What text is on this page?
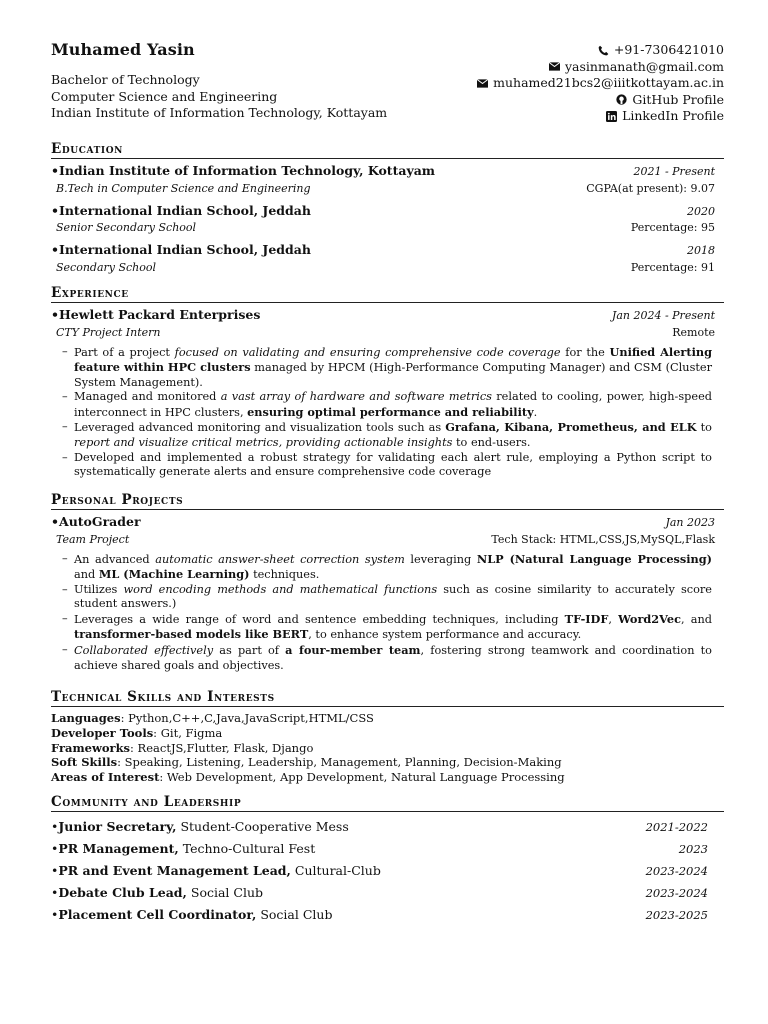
Muhamed Yasin
Bachelor of Technology
Computer Science and Engineering
Indian Institute of Information Technology, Kottayam
+91-7306421010
yasinmanath@gmail.com
muhamed21bcs2@iiitkottayam.ac.in
GitHub Profile
LinkedIn Profile
Education
•Indian Institute of Information Technology, Kottayam	2021 - Present
B.Tech in Computer Science and Engineering	CGPA(at present): 9.07
•International Indian School, Jeddah	2020
Senior Secondary School	Percentage: 95
•International Indian School, Jeddah	2018
Secondary School	Percentage: 91
Experience
•Hewlett Packard Enterprises	Jan 2024 - Present
CTY Project Intern	Remote
– Part of a project focused on validating and ensuring comprehensive code coverage for the Unified Alerting feature within HPC clusters managed by HPCM (High-Performance Computing Manager) and CSM (Cluster System Management).
– Managed and monitored a vast array of hardware and software metrics related to cooling, power, high-speed interconnect in HPC clusters, ensuring optimal performance and reliability.
– Leveraged advanced monitoring and visualization tools such as Grafana, Kibana, Prometheus, and ELK to report and visualize critical metrics, providing actionable insights to end-users.
– Developed and implemented a robust strategy for validating each alert rule, employing a Python script to systematically generate alerts and ensure comprehensive code coverage
Personal Projects
•AutoGrader	Jan 2023
Team Project	Tech Stack: HTML,CSS,JS,MySQL,Flask
– An advanced automatic answer-sheet correction system leveraging NLP (Natural Language Processing) and ML (Machine Learning) techniques.
– Utilizes word encoding methods and mathematical functions such as cosine similarity to accurately score student answers.)
– Leverages a wide range of word and sentence embedding techniques, including TF-IDF, Word2Vec, and transformer-based models like BERT, to enhance system performance and accuracy.
– Collaborated effectively as part of a four-member team, fostering strong teamwork and coordination to achieve shared goals and objectives.
Technical Skills and Interests
Languages: Python,C++,C,Java,JavaScript,HTML/CSS
Developer Tools: Git, Figma
Frameworks: ReactJS,Flutter, Flask, Django
Soft Skills: Speaking, Listening, Leadership, Management, Planning, Decision-Making
Areas of Interest: Web Development, App Development, Natural Language Processing
Community and Leadership
•Junior Secretary, Student-Cooperative Mess	2021-2022
•PR Management, Techno-Cultural Fest	2023
•PR and Event Management Lead, Cultural-Club	2023-2024
•Debate Club Lead, Social Club	2023-2024
•Placement Cell Coordinator, Social Club	2023-2025
